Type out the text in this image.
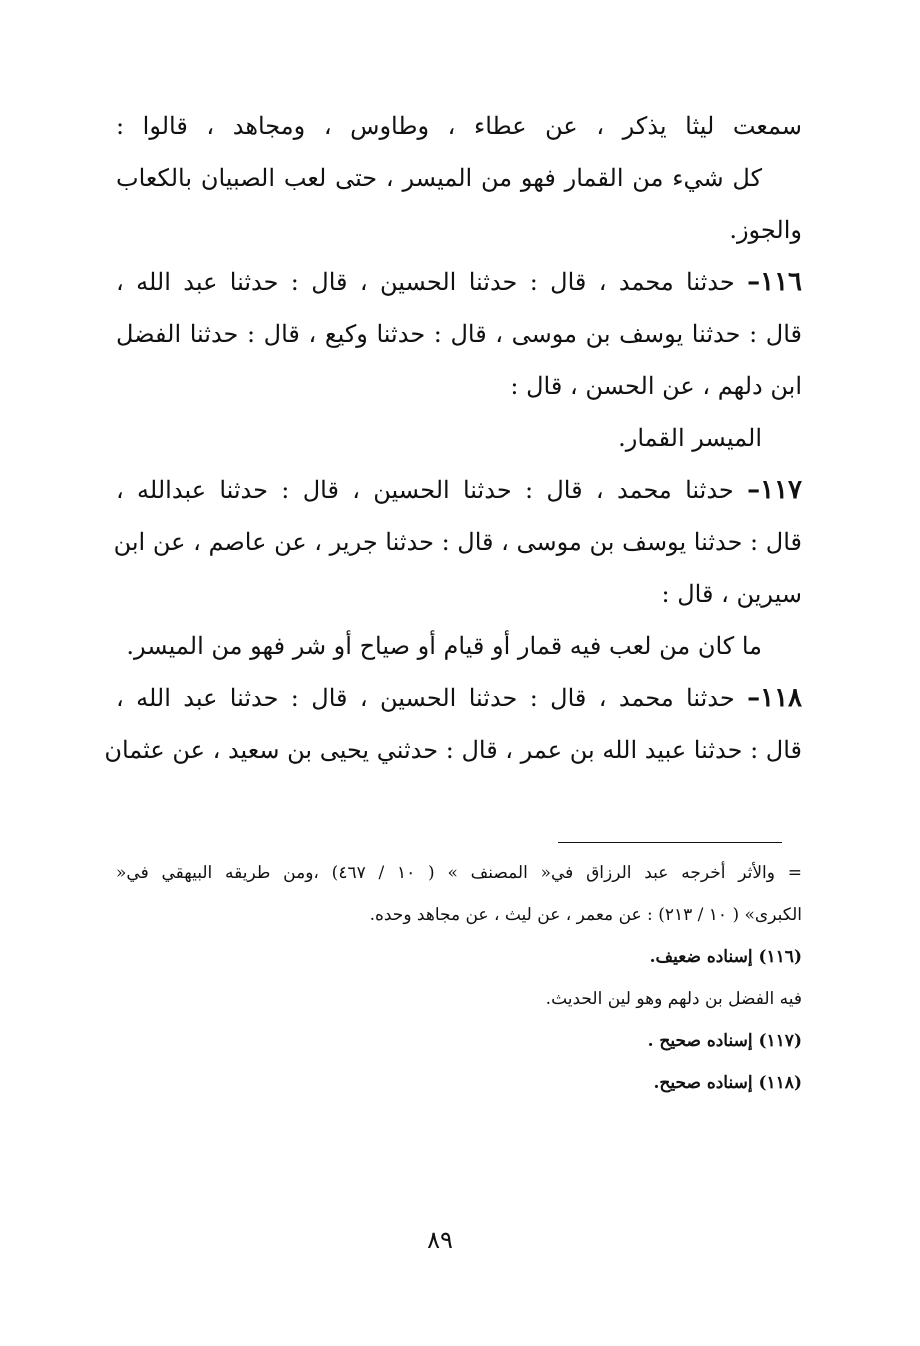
سمعت ليثا يذكر ، عن عطاء ، وطاوس ، ومجاهد ، قالوا :
كل شيء من القمار فهو من الميسر ، حتى لعب الصبيان بالكعاب
والجوز.
١١٦– حدثنا محمد ، قال : حدثنا الحسين ، قال : حدثنا عبد الله ،
قال : حدثنا يوسف بن موسى ، قال : حدثنا وكيع ، قال : حدثنا الفضل
ابن دلهم ، عن الحسن ، قال :
الميسر القمار.
١١٧– حدثنا محمد ، قال : حدثنا الحسين ، قال : حدثنا عبدالله ،
قال : حدثنا يوسف بن موسى ، قال : حدثنا جرير ، عن عاصم ، عن ابن
سيرين ، قال :
ما كان من لعب فيه قمار أو قيام أو صياح أو شر فهو من الميسر.
١١٨– حدثنا محمد ، قال : حدثنا الحسين ، قال : حدثنا عبد الله ،
قال : حدثنا عبيد الله بن عمر ، قال : حدثني يحيى بن سعيد ، عن عثمان
= والأثر أخرجه عبد الرزاق في« المصنف » ( ١٠ / ٤٦٧) ،ومن طريقه البيهقي في«
الكبرى» ( ١٠ / ٢١٣) : عن معمر ، عن ليث ، عن مجاهد وحده.
(١١٦) إسناده ضعيف.
فيه الفضل بن دلهم وهو لين الحديث.
(١١٧) إسناده صحيح .
(١١٨) إسناده صحيح.
٨٩
